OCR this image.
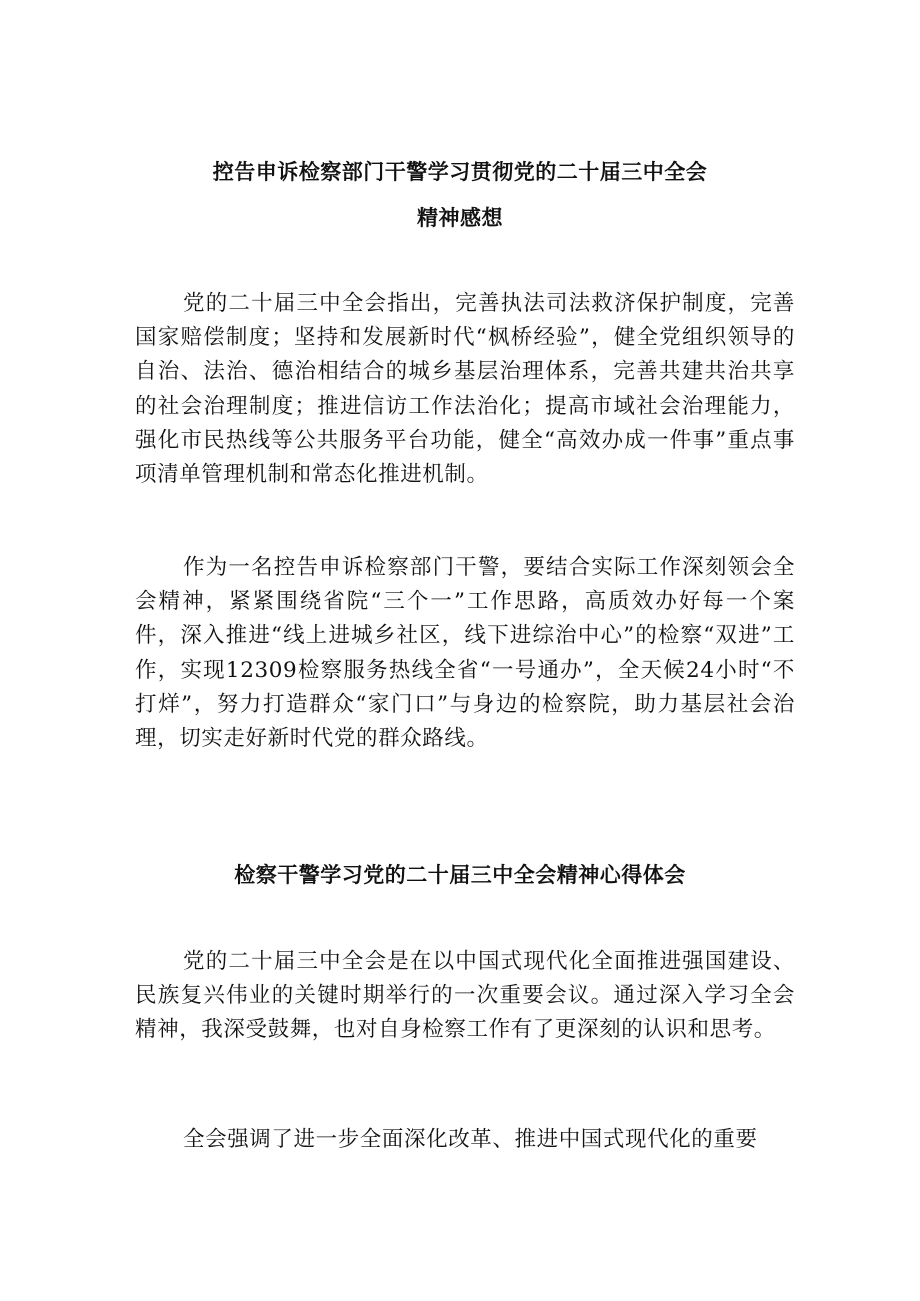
控告申诉检察部门干警学习贯彻党的二十届三中全会
精神感想

党的二十届三中全会指出，完善执法司法救济保护制度，完善国家赔偿制度；坚持和发展新时代“枫桥经验”，健全党组织领导的自治、法治、德治相结合的城乡基层治理体系，完善共建共治共享的社会治理制度；推进信访工作法治化；提高市域社会治理能力，强化市民热线等公共服务平台功能，健全“高效办成一件事”重点事项清单管理机制和常态化推进机制。

作为一名控告申诉检察部门干警，要结合实际工作深刻领会全会精神，紧紧围绕省院“三个一”工作思路，高质效办好每一个案件，深入推进“线上进城乡社区，线下进综治中心”的检察“双进”工作，实现12309检察服务热线全省“一号通办”，全天候24小时“不打烊”，努力打造群众“家门口”与身边的检察院，助力基层社会治理，切实走好新时代党的群众路线。

检察干警学习党的二十届三中全会精神心得体会

党的二十届三中全会是在以中国式现代化全面推进强国建设、民族复兴伟业的关键时期举行的一次重要会议。通过深入学习全会精神，我深受鼓舞，也对自身检察工作有了更深刻的认识和思考。

全会强调了进一步全面深化改革、推进中国式现代化的重要
